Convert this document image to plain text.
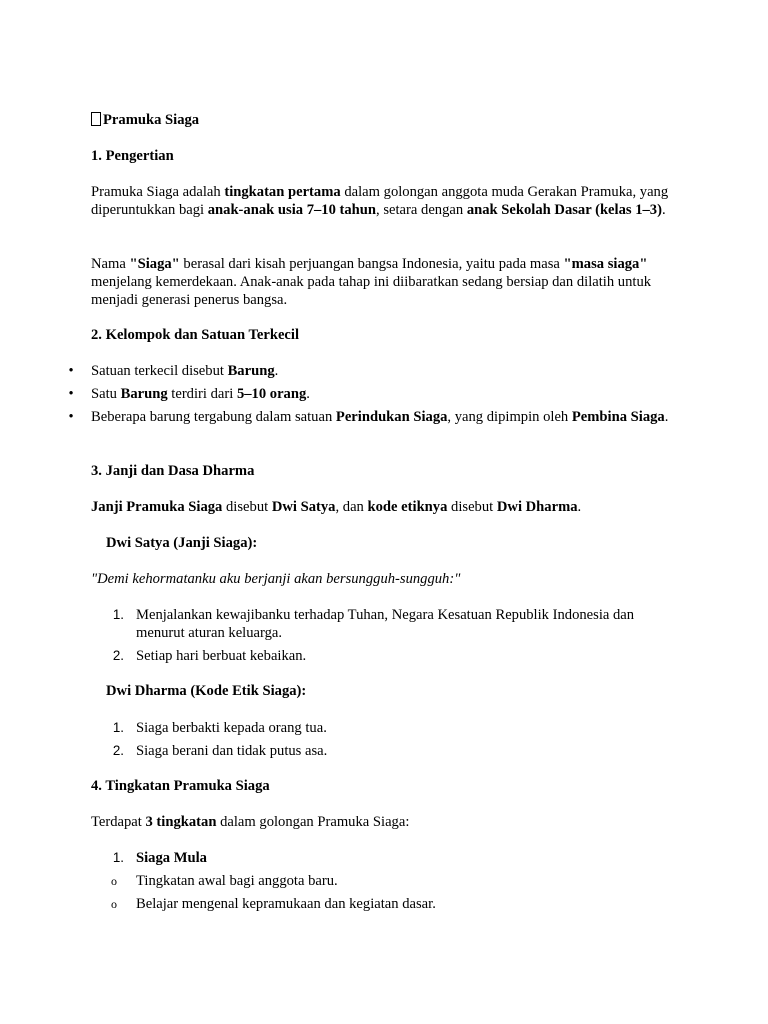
Pramuka Siaga

1. Pengertian

Pramuka Siaga adalah tingkatan pertama dalam golongan anggota muda Gerakan Pramuka, yang diperuntukkan bagi anak-anak usia 7–10 tahun, setara dengan anak Sekolah Dasar (kelas 1–3).

Nama "Siaga" berasal dari kisah perjuangan bangsa Indonesia, yaitu pada masa "masa siaga" menjelang kemerdekaan. Anak-anak pada tahap ini diibaratkan sedang bersiap dan dilatih untuk menjadi generasi penerus bangsa.

2. Kelompok dan Satuan Terkecil

• Satuan terkecil disebut Barung.

• Satu Barung terdiri dari 5–10 orang.

• Beberapa barung tergabung dalam satuan Perindukan Siaga, yang dipimpin oleh Pembina Siaga.

3. Janji dan Dasa Dharma

Janji Pramuka Siaga disebut Dwi Satya, dan kode etiknya disebut Dwi Dharma.

Dwi Satya (Janji Siaga):

"Demi kehormatanku aku berjanji akan bersungguh-sungguh:"

1. Menjalankan kewajibanku terhadap Tuhan, Negara Kesatuan Republik Indonesia dan menurut aturan keluarga.

2. Setiap hari berbuat kebaikan.

Dwi Dharma (Kode Etik Siaga):

1. Siaga berbakti kepada orang tua.

2. Siaga berani dan tidak putus asa.

4. Tingkatan Pramuka Siaga

Terdapat 3 tingkatan dalam golongan Pramuka Siaga:

1. Siaga Mula

o Tingkatan awal bagi anggota baru.

o Belajar mengenal kepramukaan dan kegiatan dasar.
